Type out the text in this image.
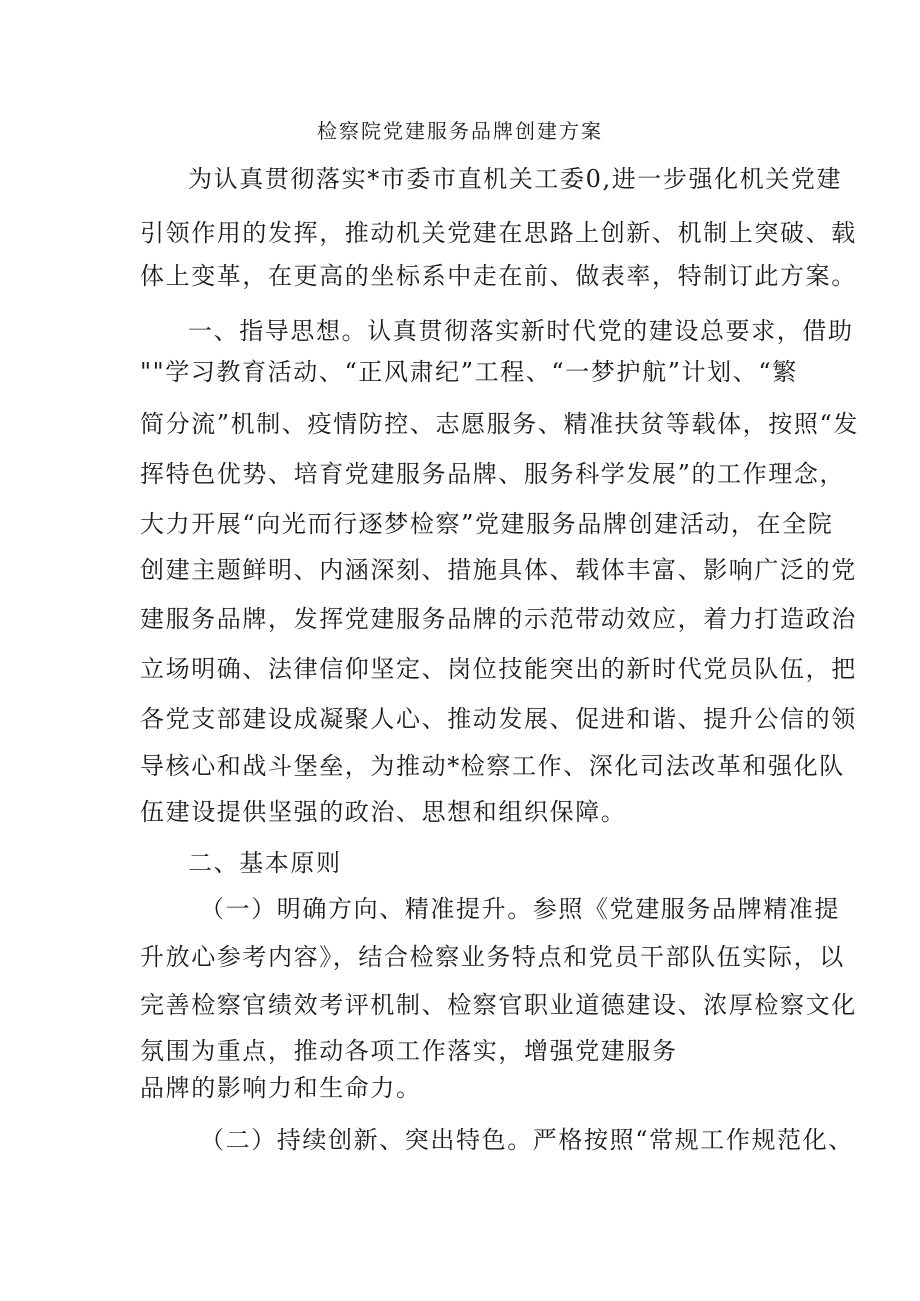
检察院党建服务品牌创建方案
为认真贯彻落实*市委市直机关工委0,进一步强化机关党建
引领作用的发挥，推动机关党建在思路上创新、机制上突破、载
体上变革，在更高的坐标系中走在前、做表率，特制订此方案。
一、指导思想。认真贯彻落实新时代党的建设总要求，借助
""学习教育活动、“正风肃纪”工程、“一梦护航”计划、“繁
简分流”机制、疫情防控、志愿服务、精准扶贫等载体，按照“发
挥特色优势、培育党建服务品牌、服务科学发展”的工作理念，
大力开展“向光而行逐梦检察”党建服务品牌创建活动，在全院
创建主题鲜明、内涵深刻、措施具体、载体丰富、影响广泛的党
建服务品牌，发挥党建服务品牌的示范带动效应，着力打造政治
立场明确、法律信仰坚定、岗位技能突出的新时代党员队伍，把
各党支部建设成凝聚人心、推动发展、促进和谐、提升公信的领
导核心和战斗堡垒，为推动*检察工作、深化司法改革和强化队
伍建设提供坚强的政治、思想和组织保障。
二、基本原则
（一）明确方向、精准提升。参照《党建服务品牌精准提
升放心参考内容》，结合检察业务特点和党员干部队伍实际，以
完善检察官绩效考评机制、检察官职业道德建设、浓厚检察文化
氛围为重点，推动各项工作落实，增强党建服务
品牌的影响力和生命力。
（二）持续创新、突出特色。严格按照“常规工作规范化、
